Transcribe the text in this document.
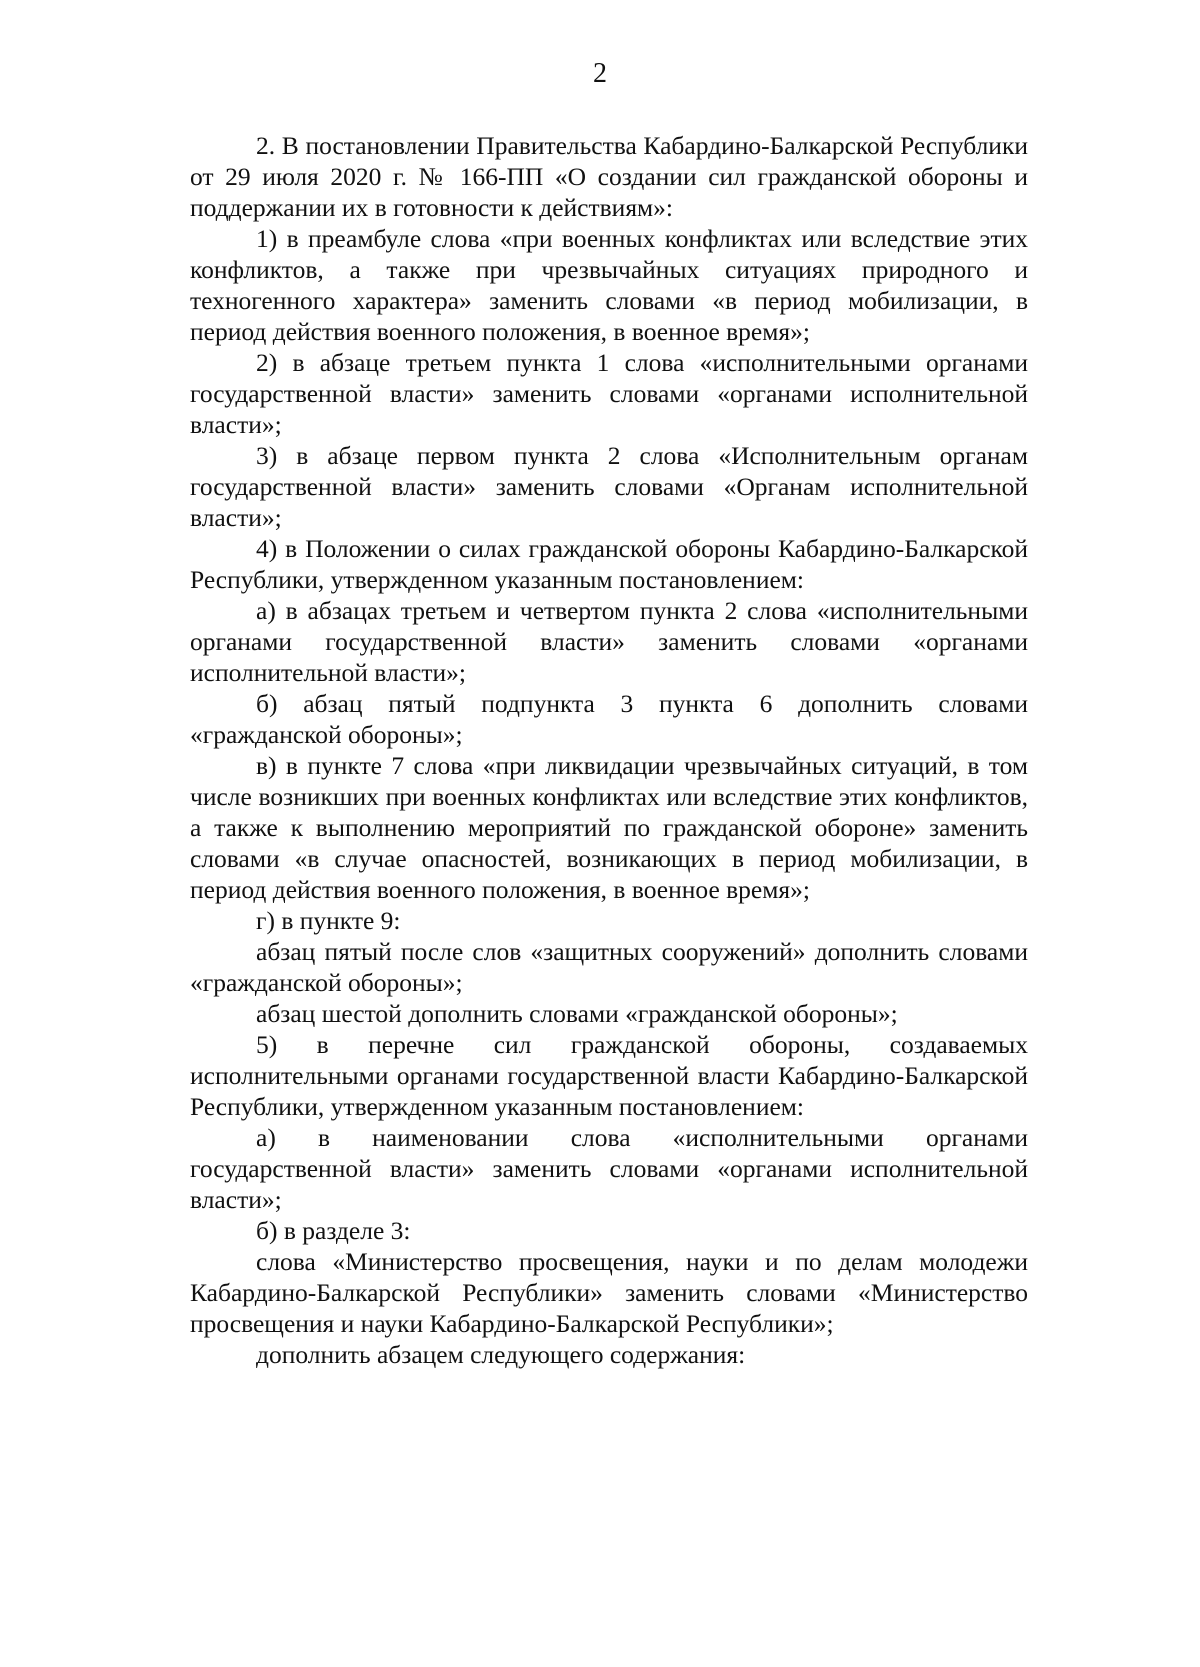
2

2. В постановлении Правительства Кабардино-Балкарской Республики от 29 июля 2020 г. № 166-ПП «О создании сил гражданской обороны и поддержании их в готовности к действиям»:

1) в преамбуле слова «при военных конфликтах или вследствие этих конфликтов, а также при чрезвычайных ситуациях природного и техногенного характера» заменить словами «в период мобилизации, в период действия военного положения, в военное время»;

2) в абзаце третьем пункта 1 слова «исполнительными органами государственной власти» заменить словами «органами исполнительной власти»;

3) в абзаце первом пункта 2 слова «Исполнительным органам государственной власти» заменить словами «Органам исполнительной власти»;

4) в Положении о силах гражданской обороны Кабардино-Балкарской Республики, утвержденном указанным постановлением:

а) в абзацах третьем и четвертом пункта 2 слова «исполнительными органами государственной власти» заменить словами «органами исполнительной власти»;

б) абзац пятый подпункта 3 пункта 6 дополнить словами «гражданской обороны»;

в) в пункте 7 слова «при ликвидации чрезвычайных ситуаций, в том числе возникших при военных конфликтах или вследствие этих конфликтов, а также к выполнению мероприятий по гражданской обороне» заменить словами «в случае опасностей, возникающих в период мобилизации, в период действия военного положения, в военное время»;

г) в пункте 9:

абзац пятый после слов «защитных сооружений» дополнить словами «гражданской обороны»;

абзац шестой дополнить словами «гражданской обороны»;

5) в перечне сил гражданской обороны, создаваемых исполнительными органами государственной власти Кабардино-Балкарской Республики, утвержденном указанным постановлением:

а) в наименовании слова «исполнительными органами государственной власти» заменить словами «органами исполнительной власти»;

б) в разделе 3:

слова «Министерство просвещения, науки и по делам молодежи Кабардино-Балкарской Республики» заменить словами «Министерство просвещения и науки Кабардино-Балкарской Республики»;

дополнить абзацем следующего содержания:
